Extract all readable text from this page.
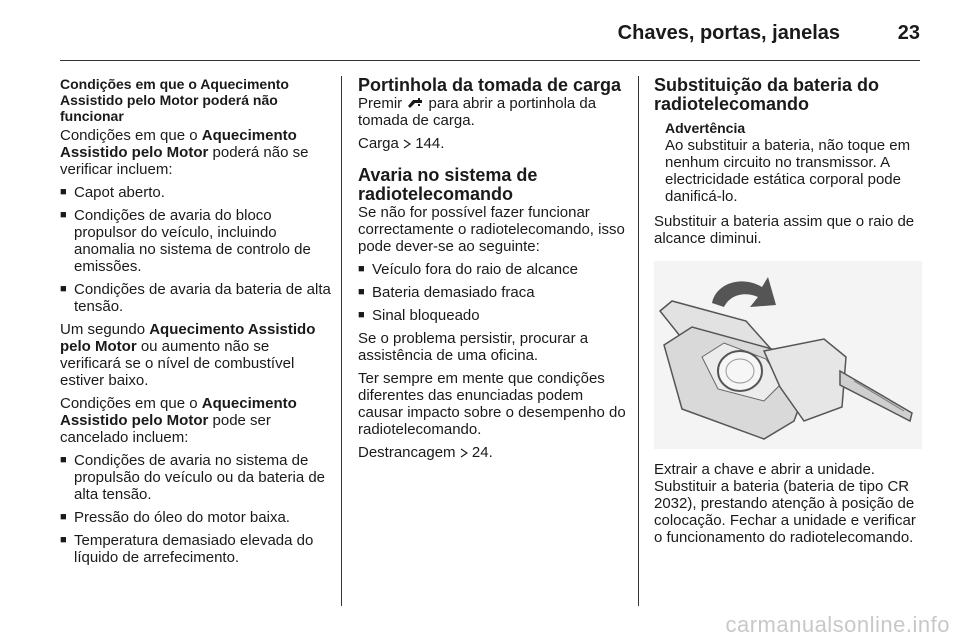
Chaves, portas, janelas	23
Condições em que o Aquecimento Assistido pelo Motor poderá não funcionar

Condições em que o Aquecimento Assistido pelo Motor poderá não se verificar incluem:

■ Capot aberto.
■ Condições de avaria do bloco propulsor do veículo, incluindo anomalia no sistema de controlo de emissões.
■ Condições de avaria da bateria de alta tensão.

Um segundo Aquecimento Assistido pelo Motor ou aumento não se verificará se o nível de combustível estiver baixo.

Condições em que o Aquecimento Assistido pelo Motor pode ser cancelado incluem:

■ Condições de avaria no sistema de propulsão do veículo ou da bateria de alta tensão.
■ Pressão do óleo do motor baixa.
■ Temperatura demasiado elevada do líquido de arrefecimento.
Portinhola da tomada de carga

Premir  para abrir a portinhola da tomada de carga.

Carga  144.

Avaria no sistema de radiotelecomando

Se não for possível fazer funcionar correctamente o radiotelecomando, isso pode dever-se ao seguinte:

■ Veículo fora do raio de alcance
■ Bateria demasiado fraca
■ Sinal bloqueado

Se o problema persistir, procurar a assistência de uma oficina.

Ter sempre em mente que condições diferentes das enunciadas podem causar impacto sobre o desempenho do radiotelecomando.

Destrancagem  24.

Substituição da bateria do radiotelecomando
Advertência
Ao substituir a bateria, não toque em nenhum circuito no transmissor. A electricidade estática corporal pode danificá-lo.

Substituir a bateria assim que o raio de alcance diminui.

Extrair a chave e abrir a unidade. Substituir a bateria (bateria de tipo CR 2032), prestando atenção à posição de colocação. Fechar a unidade e verificar o funcionamento do radiotelecomando.

carmanualsonline.info
